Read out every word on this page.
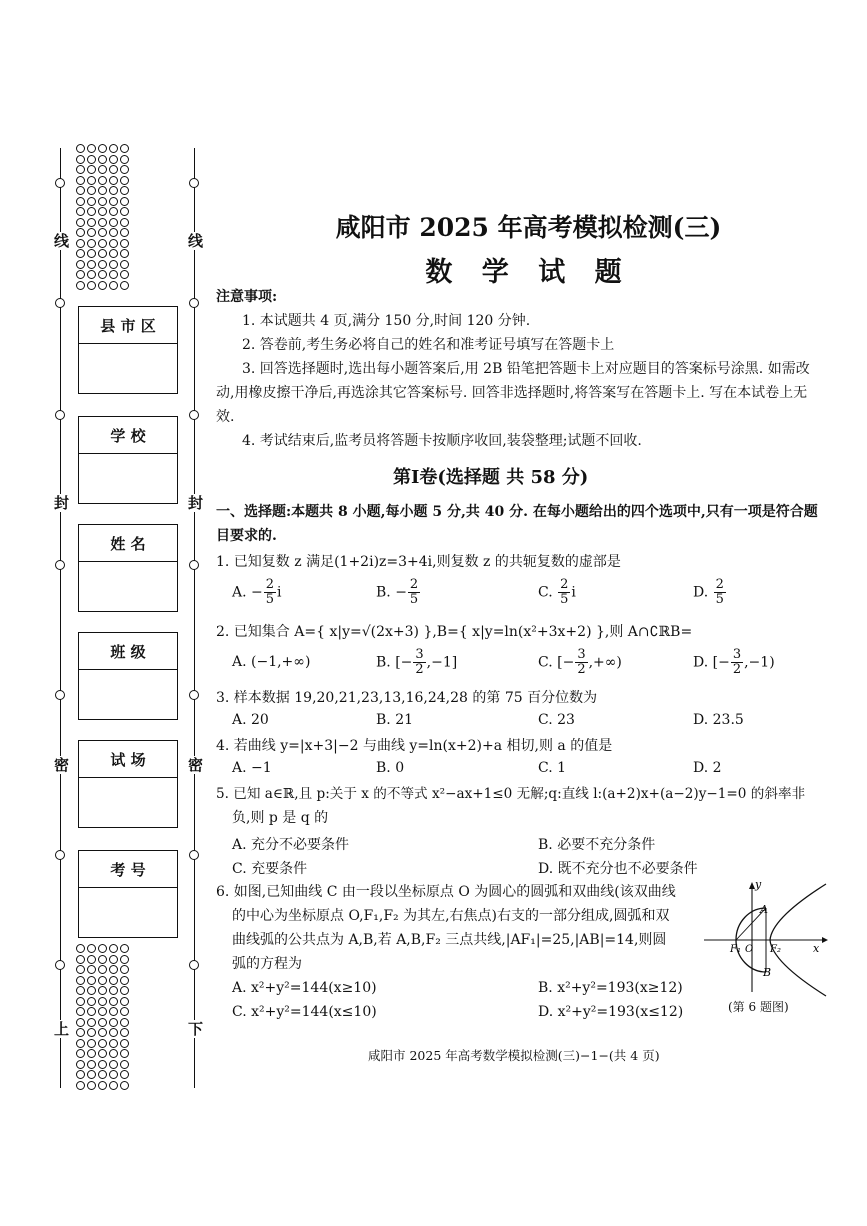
线
封
密
上
线
封
密
下
县 市 区
学 校
姓 名
班 级
试 场
考 号
咸阳市 2025 年高考模拟检测(三)
数 学 试 题
注意事项:
1. 本试题共 4 页,满分 150 分,时间 120 分钟.
2. 答卷前,考生务必将自己的姓名和准考证号填写在答题卡上
3. 回答选择题时,选出每小题答案后,用 2B 铅笔把答题卡上对应题目的答案标号涂黑. 如需改动,用橡皮擦干净后,再选涂其它答案标号. 回答非选择题时,将答案写在答题卡上. 写在本试卷上无效.
4. 考试结束后,监考员将答题卡按顺序收回,装袋整理;试题不回收.
第Ⅰ卷(选择题 共 58 分)
一、选择题:本题共 8 小题,每小题 5 分,共 40 分. 在每小题给出的四个选项中,只有一项是符合题目要求的.
1. 已知复数 z 满足(1+2i)z=3+4i,则复数 z 的共轭复数的虚部是
A. − $\frac{2}{5}$ i	B. − $\frac{2}{5}$	C. $\frac{2}{5}$ i	D. $\frac{2}{5}$
2. 已知集合 A={ x|y=√(2x+3) },B={ x|y=ln(x²+3x+2) },则 A∩∁ℝB=
A. (−1,+∞)	B. [− $\frac{3}{2} ,-1$]	C. [− $\frac{3}{2}$ ,+∞)	D. [− $\frac{3}{2} ,-1$)
3. 样本数据 19,20,21,23,13,16,24,28 的第 75 百分位数为
A. 20	B. 21	C. 23	D. 23.5
4. 若曲线 y=|x+3|−2 与曲线 y=ln(x+2)+a 相切,则 a 的值是
A. −1	B. 0	C. 1	D. 2
5. 已知 a∈ℝ,且 p:关于 x 的不等式 x²−ax+1≤0 无解;q:直线 l:(a+2)x+(a−2)y−1=0 的斜率非
负,则 p 是 q 的
A. 充分不必要条件	B. 必要不充分条件
C. 充要条件	D. 既不充分也不必要条件
6. 如图,已知曲线 C 由一段以坐标原点 O 为圆心的圆弧和双曲线(该双曲线
的中心为坐标原点 O,F₁,F₂ 为其左,右焦点)右支的一部分组成,圆弧和双
曲线弧的公共点为 A,B,若 A,B,F₂ 三点共线,|AF₁|=25,|AB|=14,则圆
弧的方程为
A. x²+y²=144(x≥10)	B. x²+y²=193(x≥12)
C. x²+y²=144(x≤10)	D. x²+y²=193(x≤12)
y
x
A
B
F₁ O F₂
(第 6 题图)
咸阳市 2025 年高考数学模拟检测(三)−1−(共 4 页)
